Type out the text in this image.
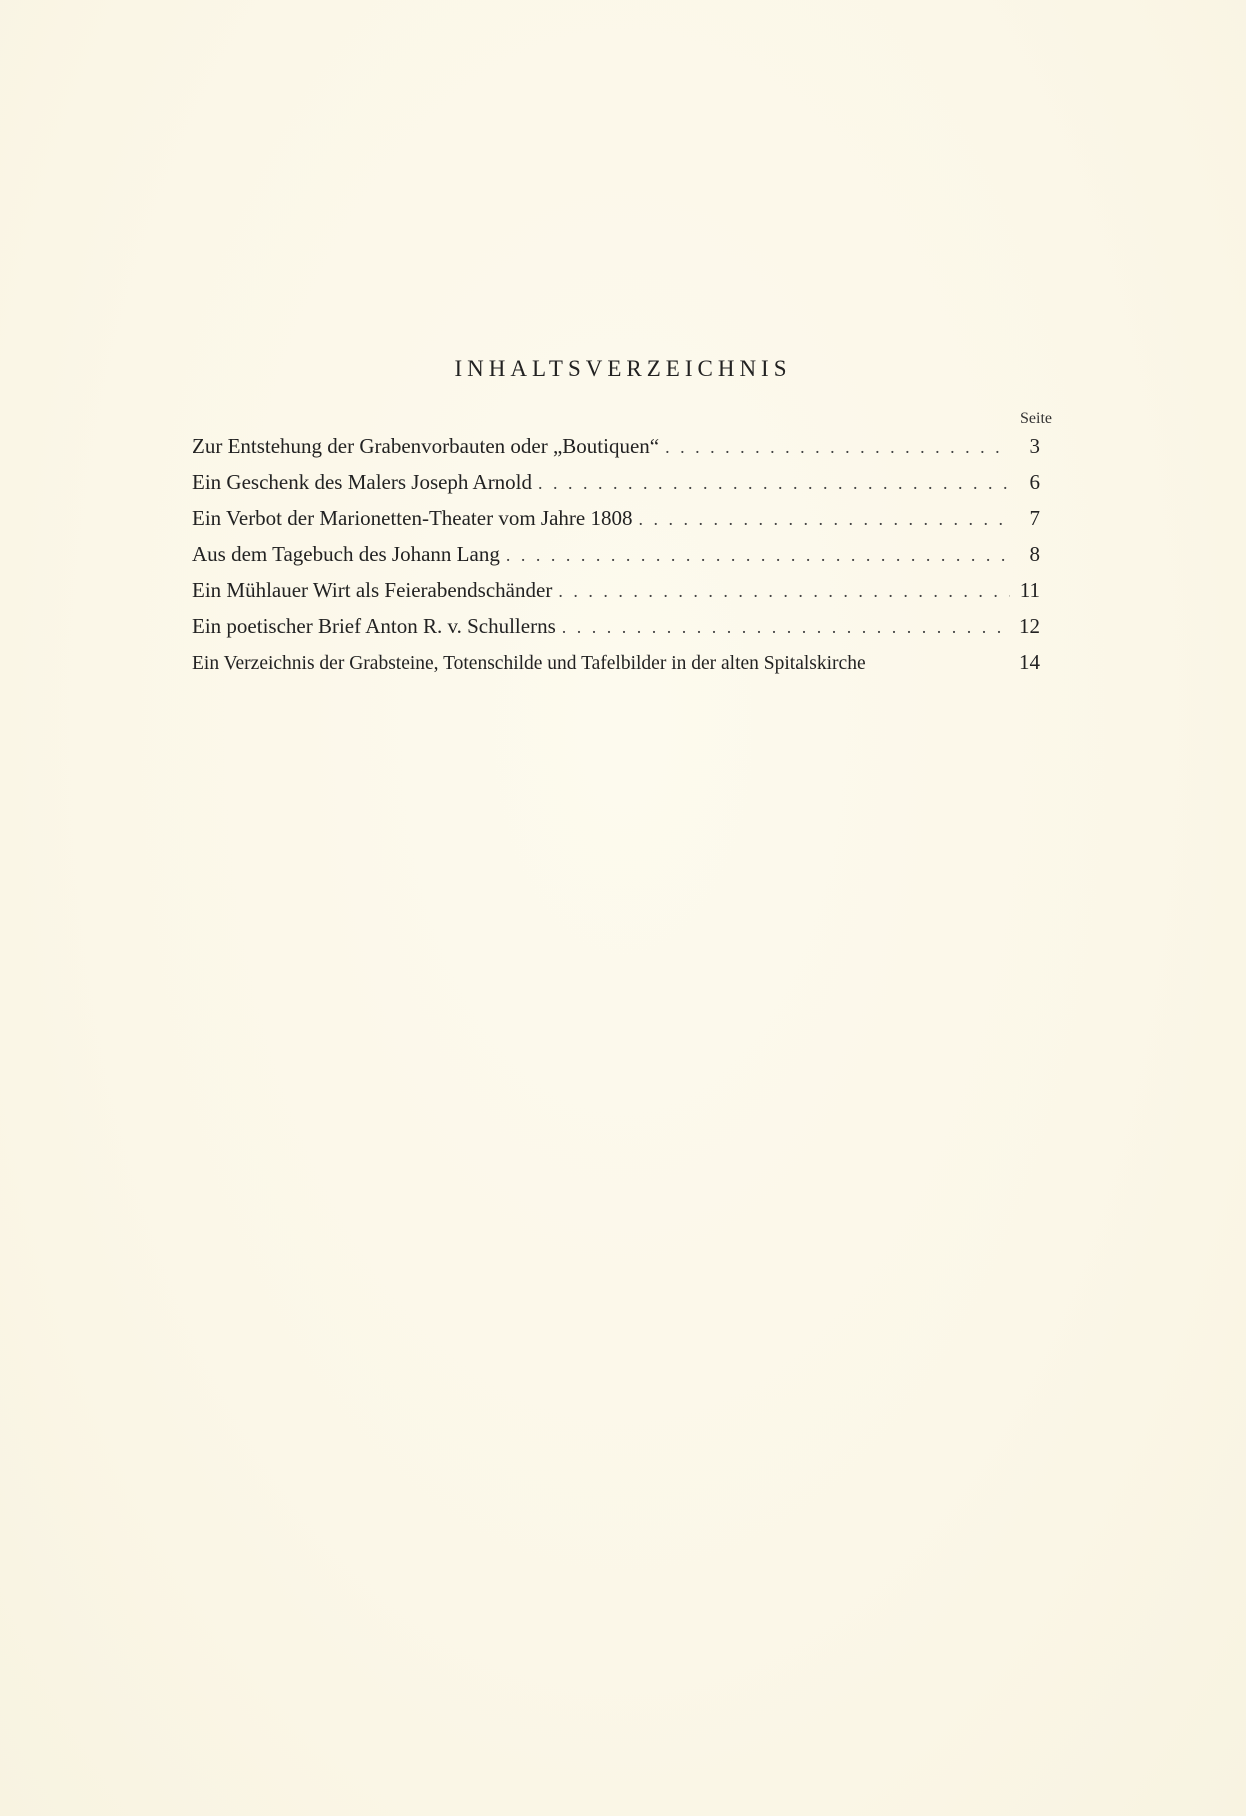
INHALTSVERZEICHNIS
Seite
Zur Entstehung der Grabenvorbauten oder „Boutiquen“ . . .	3
Ein Geschenk des Malers Joseph Arnold . . .	6
Ein Verbot der Marionetten-Theater vom Jahre 1808 . . .	7
Aus dem Tagebuch des Johann Lang . . .	8
Ein Mühlauer Wirt als Feierabendschänder . . .	11
Ein poetischer Brief Anton R. v. Schullerns . . .	12
Ein Verzeichnis der Grabsteine, Totenschilde und Tafelbilder in der alten Spitalskirche	14
